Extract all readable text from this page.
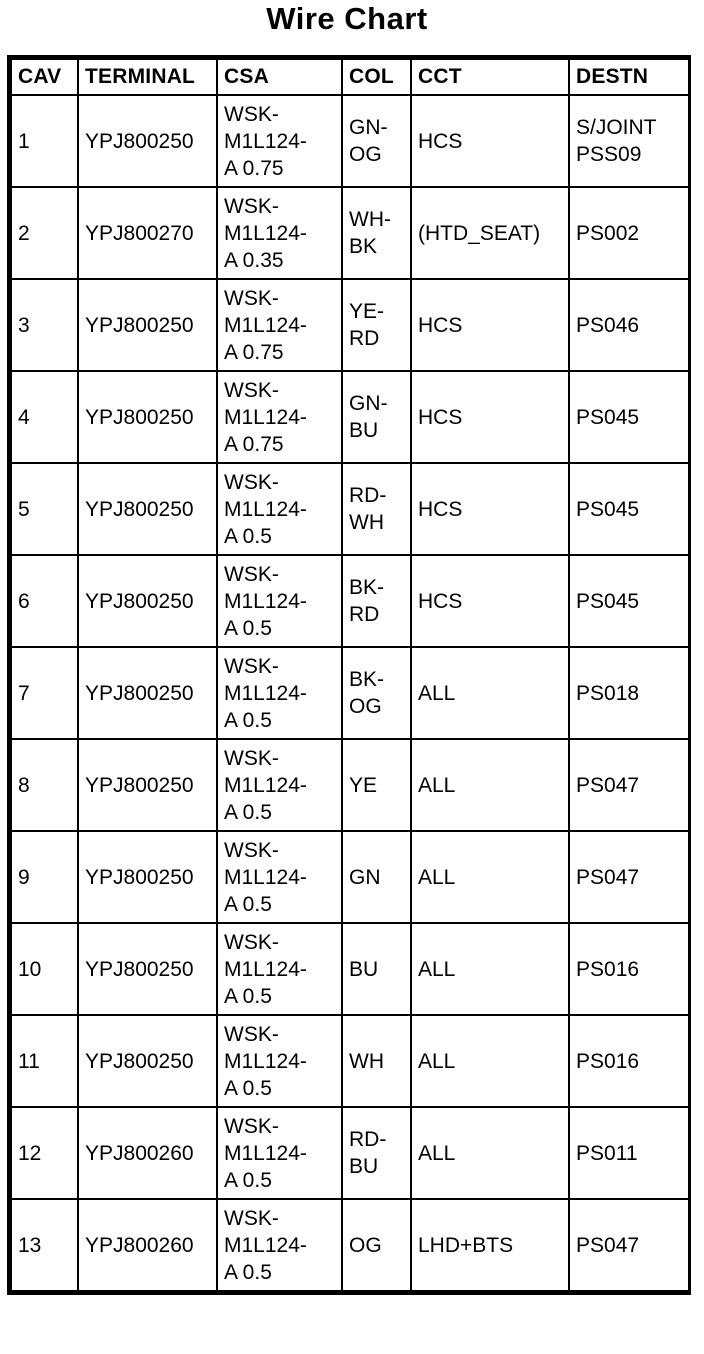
Wire Chart
CAV	TERMINAL	CSA	COL	CCT	DESTN
1	YPJ800250	WSK-
M1L124-
A 0.75	GN-
OG	HCS	S/JOINT
PSS09
2	YPJ800270	WSK-
M1L124-
A 0.35	WH-
BK	(HTD_SEAT)	PS002
3	YPJ800250	WSK-
M1L124-
A 0.75	YE-
RD	HCS	PS046
4	YPJ800250	WSK-
M1L124-
A 0.75	GN-
BU	HCS	PS045
5	YPJ800250	WSK-
M1L124-
A 0.5	RD-
WH	HCS	PS045
6	YPJ800250	WSK-
M1L124-
A 0.5	BK-
RD	HCS	PS045
7	YPJ800250	WSK-
M1L124-
A 0.5	BK-
OG	ALL	PS018
8	YPJ800250	WSK-
M1L124-
A 0.5	YE	ALL	PS047
9	YPJ800250	WSK-
M1L124-
A 0.5	GN	ALL	PS047
10	YPJ800250	WSK-
M1L124-
A 0.5	BU	ALL	PS016
11	YPJ800250	WSK-
M1L124-
A 0.5	WH	ALL	PS016
12	YPJ800260	WSK-
M1L124-
A 0.5	RD-
BU	ALL	PS011
13	YPJ800260	WSK-
M1L124-
A 0.5	OG	LHD+BTS	PS047
